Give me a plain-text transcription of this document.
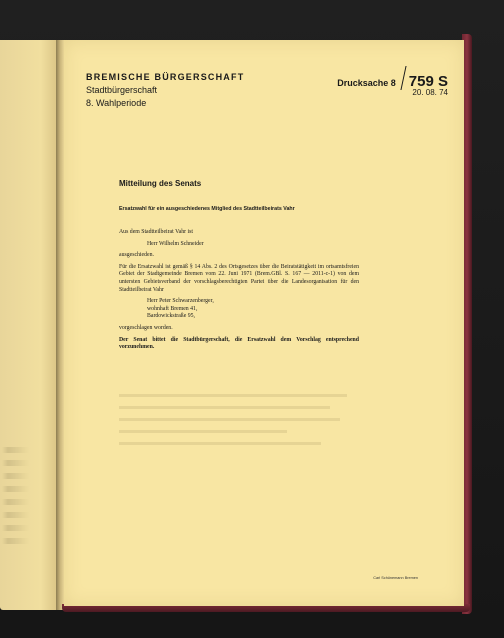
BREMISCHE BÜRGERSCHAFT
Stadtbürgerschaft
8. Wahlperiode
Drucksache 8 759 S
20. 08. 74
Mitteilung des Senats
Ersatzwahl für ein ausgeschiedenes Mitglied des Stadtteilbeirats Vahr

Aus dem Stadtteilbeirat Vahr ist

Herr Wilhelm Schneider

ausgeschieden.

Für die Ersatzwahl ist gemäß § 14 Abs. 2 des Ortsgesetzes über die Beiratstätigkeit im ortsamtsfreien Gebiet der Stadtgemeinde Bremen vom 22. Juni 1971 (Brem.GBl. S. 167 — 2011-c-1) von dem untersten Gebietsverband der vorschlagsberechtigten Partei über die Landesorganisation für den Stadtteilbeirat Vahr

Herr Peter Schwarzenberger,

wohnhaft Bremen 41,

Bardowickstraße 95,

vorgeschlagen worden.

Der Senat bittet die Stadtbürgerschaft, die Ersatzwahl dem Vorschlag entsprechend vorzunehmen.

Carl Schünemann Bremen
